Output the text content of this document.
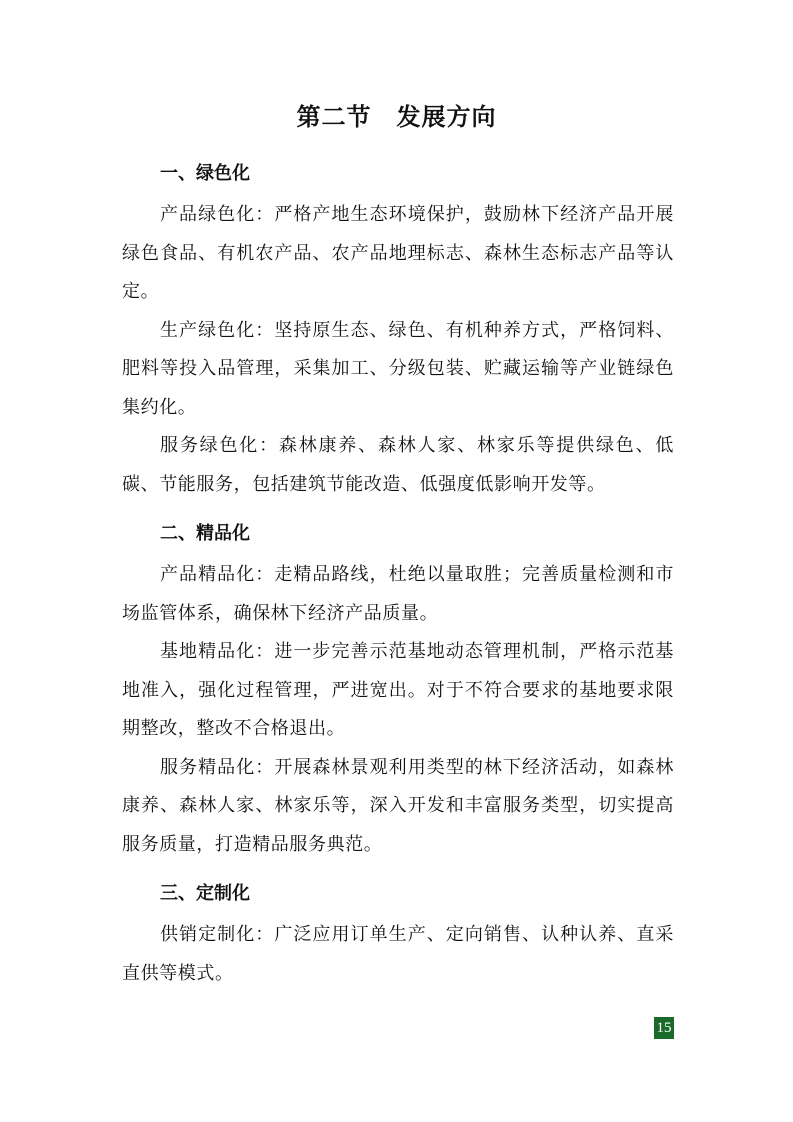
第二节　发展方向
一、绿色化

产品绿色化：严格产地生态环境保护，鼓励林下经济产品开展绿色食品、有机农产品、农产品地理标志、森林生态标志产品等认定。

生产绿色化：坚持原生态、绿色、有机种养方式，严格饲料、肥料等投入品管理，采集加工、分级包装、贮藏运输等产业链绿色集约化。

服务绿色化：森林康养、森林人家、林家乐等提供绿色、低碳、节能服务，包括建筑节能改造、低强度低影响开发等。

二、精品化

产品精品化：走精品路线，杜绝以量取胜；完善质量检测和市场监管体系，确保林下经济产品质量。

基地精品化：进一步完善示范基地动态管理机制，严格示范基地准入，强化过程管理，严进宽出。对于不符合要求的基地要求限期整改，整改不合格退出。

服务精品化：开展森林景观利用类型的林下经济活动，如森林康养、森林人家、林家乐等，深入开发和丰富服务类型，切实提高服务质量，打造精品服务典范。

三、定制化

供销定制化：广泛应用订单生产、定向销售、认种认养、直采直供等模式。

15
